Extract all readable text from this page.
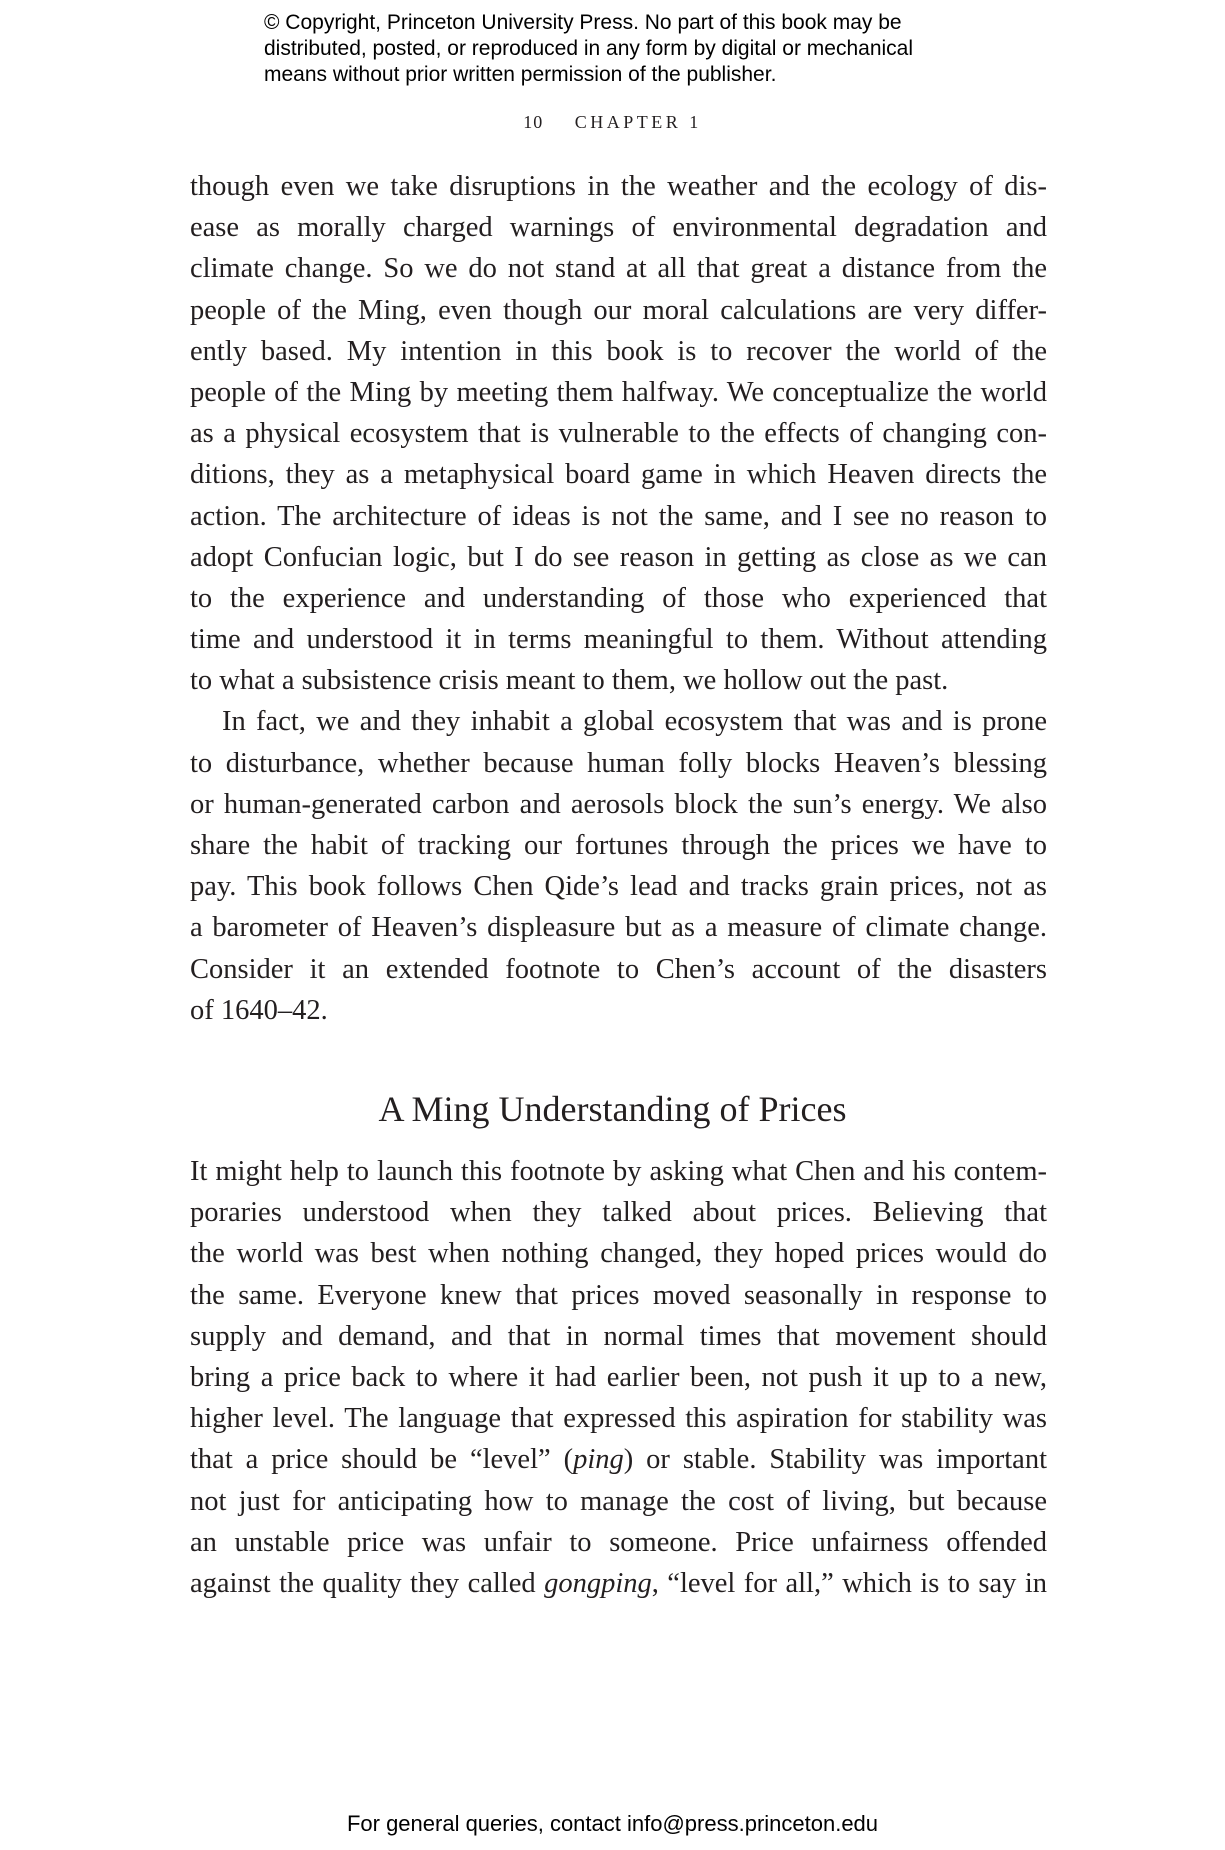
© Copyright, Princeton University Press. No part of this book may be
distributed, posted, or reproduced in any form by digital or mechanical
means without prior written permission of the publisher.
10 CHAPTER 1
though even we take disruptions in the weather and the ecology of dis-
ease as morally charged warnings of environmental degradation and
climate change. So we do not stand at all that great a distance from the
people of the Ming, even though our moral calculations are very differ-
ently based. My intention in this book is to recover the world of the
people of the Ming by meeting them halfway. We conceptualize the world
as a physical ecosystem that is vulnerable to the effects of changing con-
ditions, they as a metaphysical board game in which Heaven directs the
action. The architecture of ideas is not the same, and I see no reason to
adopt Confucian logic, but I do see reason in getting as close as we can
to the experience and understanding of those who experienced that
time and understood it in terms meaningful to them. Without attending
to what a subsistence crisis meant to them, we hollow out the past.
In fact, we and they inhabit a global ecosystem that was and is prone
to disturbance, whether because human folly blocks Heaven’s blessing
or human-generated carbon and aerosols block the sun’s energy. We also
share the habit of tracking our fortunes through the prices we have to
pay. This book follows Chen Qide’s lead and tracks grain prices, not as
a barometer of Heaven’s displeasure but as a measure of climate change.
Consider it an extended footnote to Chen’s account of the disasters
of 1640–42.
A Ming Understanding of Prices
It might help to launch this footnote by asking what Chen and his contem-
poraries understood when they talked about prices. Believing that
the world was best when nothing changed, they hoped prices would do
the same. Everyone knew that prices moved seasonally in response to
supply and demand, and that in normal times that movement should
bring a price back to where it had earlier been, not push it up to a new,
higher level. The language that expressed this aspiration for stability was
that a price should be “level” (ping) or stable. Stability was important
not just for anticipating how to manage the cost of living, but because
an unstable price was unfair to someone. Price unfairness offended
against the quality they called gongping, “level for all,” which is to say in
For general queries, contact info@press.princeton.edu
